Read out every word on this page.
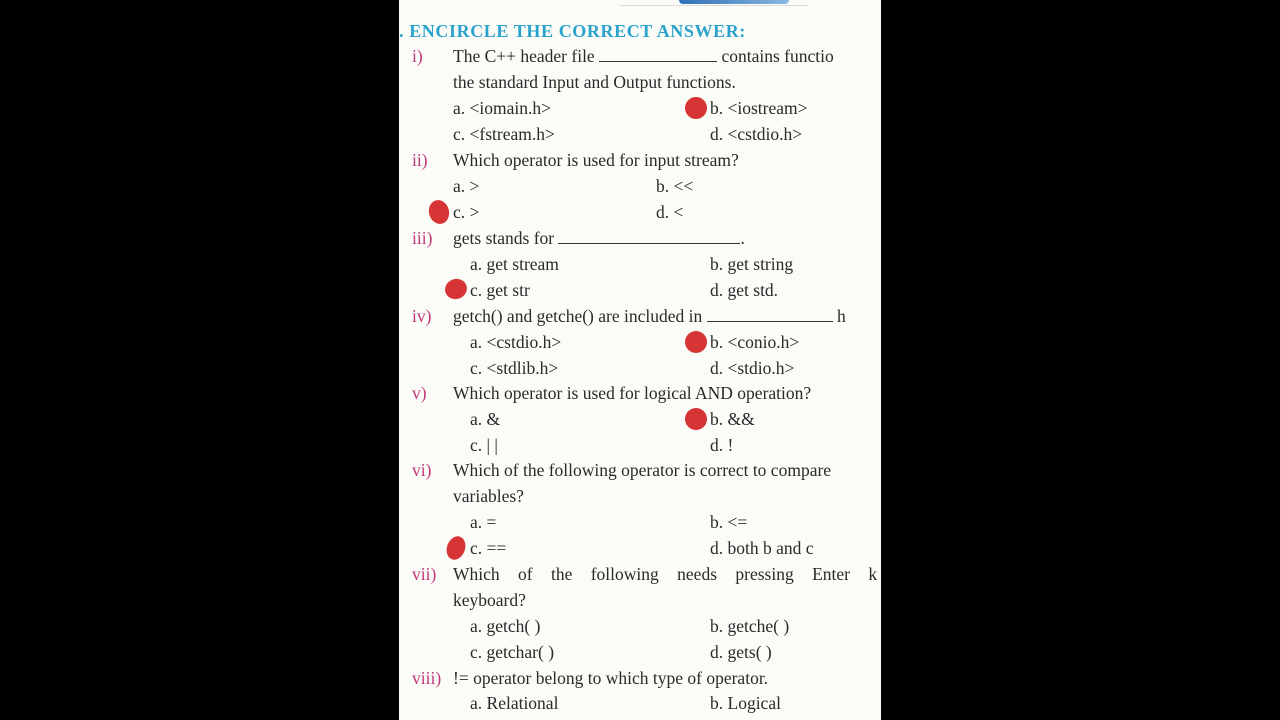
. ENCIRCLE THE CORRECT ANSWER:
i) The C++ header file	contains functio
the standard Input and Output functions.
a. <iomain.h>	b. <iostream>
c. <fstream.h>	d. <cstdio.h>
ii) Which operator is used for input stream?
a. >	b. <<
c. >	d. <
iii) gets stands for	.
a. get stream	b. get string
c. get str	d. get std.
iv) getch() and getche() are included in	h
a. <cstdio.h>	b. <conio.h>
c. <stdlib.h>	d. <stdio.h>
v) Which operator is used for logical AND operation?
a. &	b. &&
c. | |	d. !
vi) Which of the following operator is correct to compare
variables?
a. =	b. <=
c. ==	d. both b and c
vii) Which of the following needs pressing Enter k
keyboard?
a. getch( )	b. getche( )
c. getchar( )	d. gets( )
viii) != operator belong to which type of operator.
a. Relational	b. Logical
